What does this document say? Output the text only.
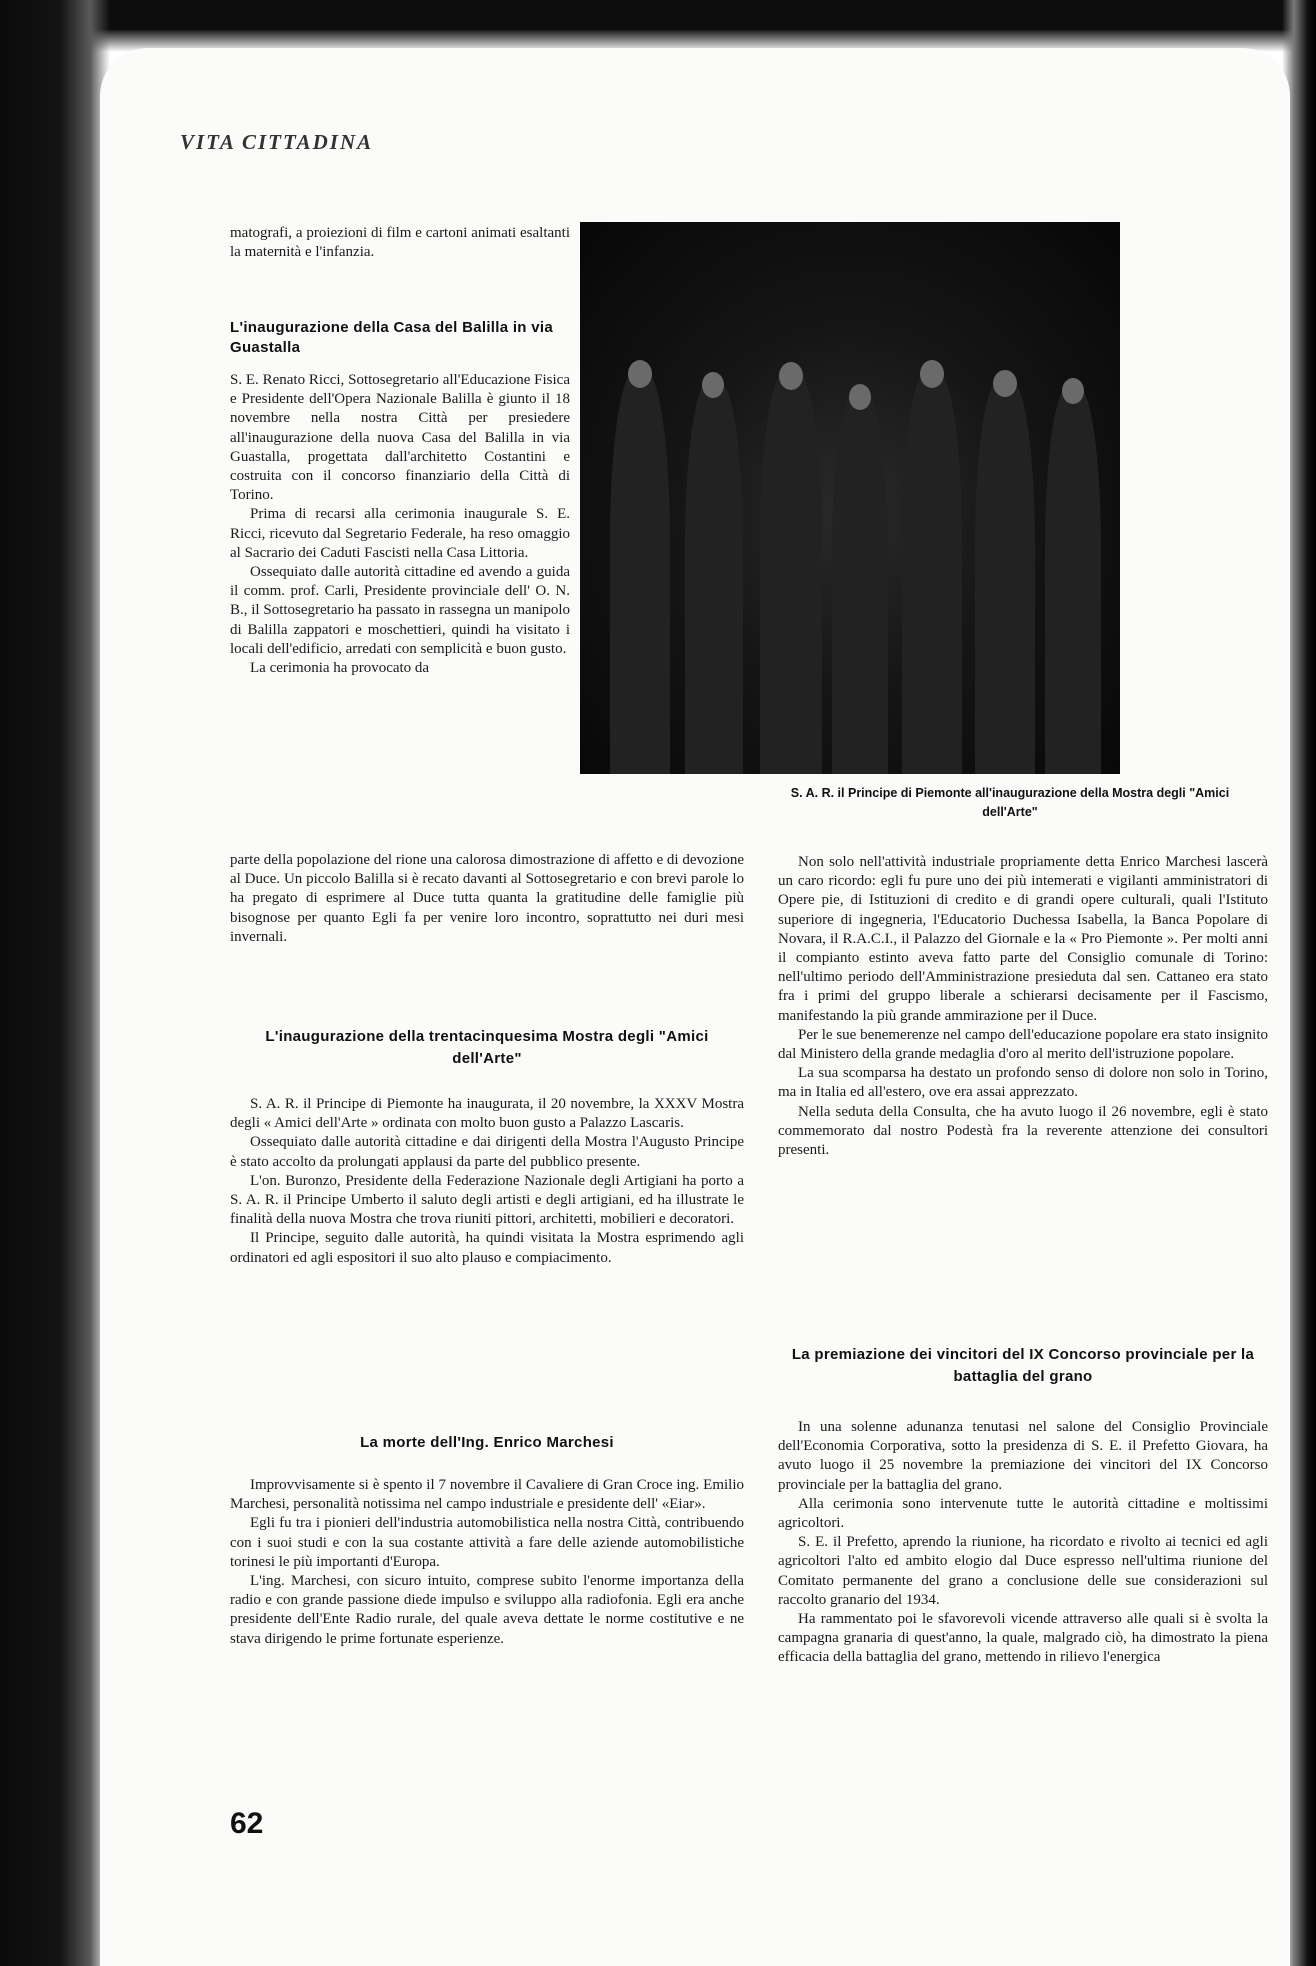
VITA CITTADINA

S. A. R. il Principe di Piemonte all'inaugurazione della Mostra degli "Amici dell'Arte"

matografi, a proiezioni di film e cartoni animati esaltanti la maternità e l'infanzia.

L'inaugurazione della Casa del Balilla in via Guastalla

S. E. Renato Ricci, Sottosegretario all'Educazione Fisica e Presidente dell'Opera Nazionale Balilla è giunto il 18 novembre nella nostra Città per presiedere all'inaugurazione della nuova Casa del Balilla in via Guastalla, progettata dall'architetto Costantini e costruita con il concorso finanziario della Città di Torino.

Prima di recarsi alla cerimonia inaugurale S. E. Ricci, ricevuto dal Segretario Federale, ha reso omaggio al Sacrario dei Caduti Fascisti nella Casa Littoria.

Ossequiato dalle autorità cittadine ed avendo a guida il comm. prof. Carli, Presidente provinciale dell' O. N. B., il Sottosegretario ha passato in rassegna un manipolo di Balilla zappatori e moschettieri, quindi ha visitato i locali dell'edificio, arredati con semplicità e buon gusto.

La cerimonia ha provocato da

parte della popolazione del rione una calorosa dimostrazione di affetto e di devozione al Duce. Un piccolo Balilla si è recato davanti al Sottosegretario e con brevi parole lo ha pregato di esprimere al Duce tutta quanta la gratitudine delle famiglie più bisognose per quanto Egli fa per venire loro incontro, soprattutto nei duri mesi invernali.

L'inaugurazione della trentacinquesima Mostra degli "Amici dell'Arte"

S. A. R. il Principe di Piemonte ha inaugurata, il 20 novembre, la XXXV Mostra degli « Amici dell'Arte » ordinata con molto buon gusto a Palazzo Lascaris.

Ossequiato dalle autorità cittadine e dai dirigenti della Mostra l'Augusto Principe è stato accolto da prolungati applausi da parte del pubblico presente.

L'on. Buronzo, Presidente della Federazione Nazionale degli Artigiani ha porto a S. A. R. il Principe Umberto il saluto degli artisti e degli artigiani, ed ha illustrate le finalità della nuova Mostra che trova riuniti pittori, architetti, mobilieri e decoratori.

Il Principe, seguito dalle autorità, ha quindi visitata la Mostra esprimendo agli ordinatori ed agli espositori il suo alto plauso e compiacimento.

La morte dell'Ing. Enrico Marchesi

Improvvisamente si è spento il 7 novembre il Cavaliere di Gran Croce ing. Emilio Marchesi, personalità notissima nel campo industriale e presidente dell' «Eiar».

Egli fu tra i pionieri dell'industria automobilistica nella nostra Città, contribuendo con i suoi studi e con la sua costante attività a fare delle aziende automobilistiche torinesi le più importanti d'Europa.

L'ing. Marchesi, con sicuro intuito, comprese subito l'enorme importanza della radio e con grande passione diede impulso e sviluppo alla radiofonia. Egli era anche presidente dell'Ente Radio rurale, del quale aveva dettate le norme costitutive e ne stava dirigendo le prime fortunate esperienze.

Non solo nell'attività industriale propriamente detta Enrico Marchesi lascerà un caro ricordo: egli fu pure uno dei più intemerati e vigilanti amministratori di Opere pie, di Istituzioni di credito e di grandi opere culturali, quali l'Istituto superiore di ingegneria, l'Educatorio Duchessa Isabella, la Banca Popolare di Novara, il R.A.C.I., il Palazzo del Giornale e la « Pro Piemonte ». Per molti anni il compianto estinto aveva fatto parte del Consiglio comunale di Torino: nell'ultimo periodo dell'Amministrazione presieduta dal sen. Cattaneo era stato fra i primi del gruppo liberale a schierarsi decisamente per il Fascismo, manifestando la più grande ammirazione per il Duce.

Per le sue benemerenze nel campo dell'educazione popolare era stato insignito dal Ministero della grande medaglia d'oro al merito dell'istruzione popolare.

La sua scomparsa ha destato un profondo senso di dolore non solo in Torino, ma in Italia ed all'estero, ove era assai apprezzato.

Nella seduta della Consulta, che ha avuto luogo il 26 novembre, egli è stato commemorato dal nostro Podestà fra la reverente attenzione dei consultori presenti.

La premiazione dei vincitori del IX Concorso provinciale per la battaglia del grano

In una solenne adunanza tenutasi nel salone del Consiglio Provinciale dell'Economia Corporativa, sotto la presidenza di S. E. il Prefetto Giovara, ha avuto luogo il 25 novembre la premiazione dei vincitori del IX Concorso provinciale per la battaglia del grano.

Alla cerimonia sono intervenute tutte le autorità cittadine e moltissimi agricoltori.

S. E. il Prefetto, aprendo la riunione, ha ricordato e rivolto ai tecnici ed agli agricoltori l'alto ed ambito elogio dal Duce espresso nell'ultima riunione del Comitato permanente del grano a conclusione delle sue considerazioni sul raccolto granario del 1934.

Ha rammentato poi le sfavorevoli vicende attraverso alle quali si è svolta la campagna granaria di quest'anno, la quale, malgrado ciò, ha dimostrato la piena efficacia della battaglia del grano, mettendo in rilievo l'energica

62
